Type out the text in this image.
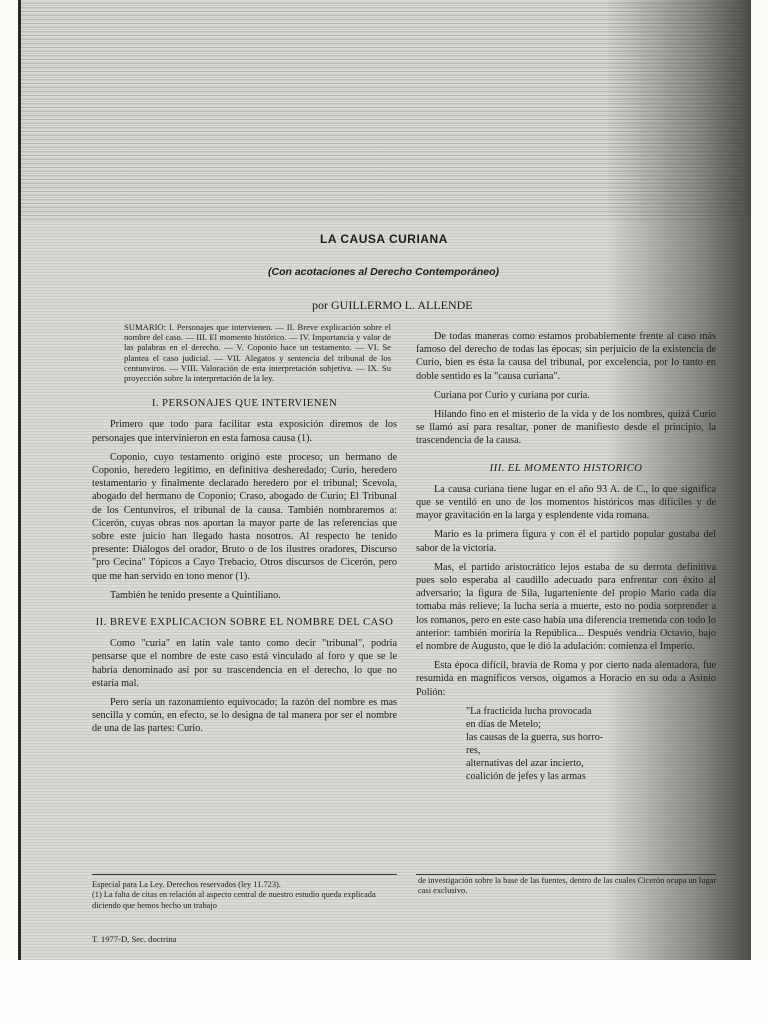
LA CAUSA CURIANA
(Con acotaciones al Derecho Contemporáneo)
por GUILLERMO L. ALLENDE
SUMARIO: I. Personajes que intervienen. — II. Breve explicación sobre el nombre del caso. — III. El momento histórico. — IV. Importancia y valor de las palabras en el derecho. — V. Coponio hace un testamento. — VI. Se plantea el caso judicial. — VII. Alegatos y sentencia del tribunal de los centunviros. — VIII. Valoración de esta interpretación subjetiva. — IX. Su proyección sobre la interpretación de la ley.
I. PERSONAJES QUE INTERVIENEN

Primero que todo para facilitar esta exposición diremos de los personajes que intervinieron en esta famosa causa (1).

Coponio, cuyo testamento originó este proceso; un hermano de Coponio, heredero legítimo, en definitiva desheredado; Curio, heredero testamentario y finalmente declarado heredero por el tribunal; Scevola, abogado del hermano de Coponio; Craso, abogado de Curio; El Tribunal de los Centunviros, el tribunal de la causa. También nombraremos a: Cicerón, cuyas obras nos aportan la mayor parte de las referencias que sobre este juicio han llegado hasta nosotros. Al respecto he tenido presente: Diálogos del orador, Bruto o de los ilustres oradores, Discurso "pro Cecina" Tópicos a Cayo Trebacio, Otros discursos de Cicerón, pero que me han servido en tono menor (1).

También he tenido presente a Quintiliano.

II. BREVE EXPLICACION SOBRE EL NOMBRE DEL CASO

Como "curia" en latín vale tanto como decir "tribunal", podría pensarse que el nombre de este caso está vinculado al foro y que se le habría denominado así por su trascendencia en el derecho, lo que no estaría mal.

Pero sería un razonamiento equivocado; la razón del nombre es mas sencilla y común, en efecto, se lo designa de tal manera por ser el nombre de una de las partes: Curio.

De todas maneras como estamos probablemente frente al caso más famoso del derecho de todas las épocas; sin perjuicio de la existencia de Curio, bien es ésta la causa del tribunal, por excelencia, por lo tanto en doble sentido es la "causa curiana".

Curiana por Curio y curiana por curia.

Hilando fino en el misterio de la vida y de los nombres, quizá Curio se llamó así para resaltar, poner de manifiesto desde el principio, la trascendencia de la causa.

III. EL MOMENTO HISTORICO

La causa curiana tiene lugar en el año 93 A. de C., lo que significa que se ventiló en uno de los momentos históricos mas difíciles y de mayor gravitación en la larga y esplendente vida romana.

Mario es la primera figura y con él el partido popular gustaba del sabor de la victoria.

Mas, el partido aristocrático lejos estaba de su derrota definitiva pues solo esperaba al caudillo adecuado para enfrentar con éxito al adversario; la figura de Sila, lugarteniente del propio Mario cada día tomaba más relieve; la lucha sería a muerte, esto no podía sorprender a los romanos, pero en este caso había una diferencia tremenda con todo lo anterior: también moriría la República... Después vendría Octavio, bajo el nombre de Augusto, que le dió la adulación: comienza el Imperio.

Esta época difícil, bravía de Roma y por cierto nada alentadora, fue resumida en magníficos versos, oigamos a Horacio en su oda a Asinio Polión:

"La fracticida lucha provocada
en días de Metelo;
las causas de la guerra, sus horro-
res,
alternativas del azar incierto,
coalición de jefes y las armas
Especial para La Ley. Derechos reservados (ley 11.723).
(1) La falta de citas en relación al aspecto central de nuestro estudio queda explicada diciendo que hemos hecho un trabajo
de investigación sobre la base de las fuentes, dentro de las cuales Cicerón ocupa un lugar casi exclusivo.
T. 1977-D, Sec. doctrina
